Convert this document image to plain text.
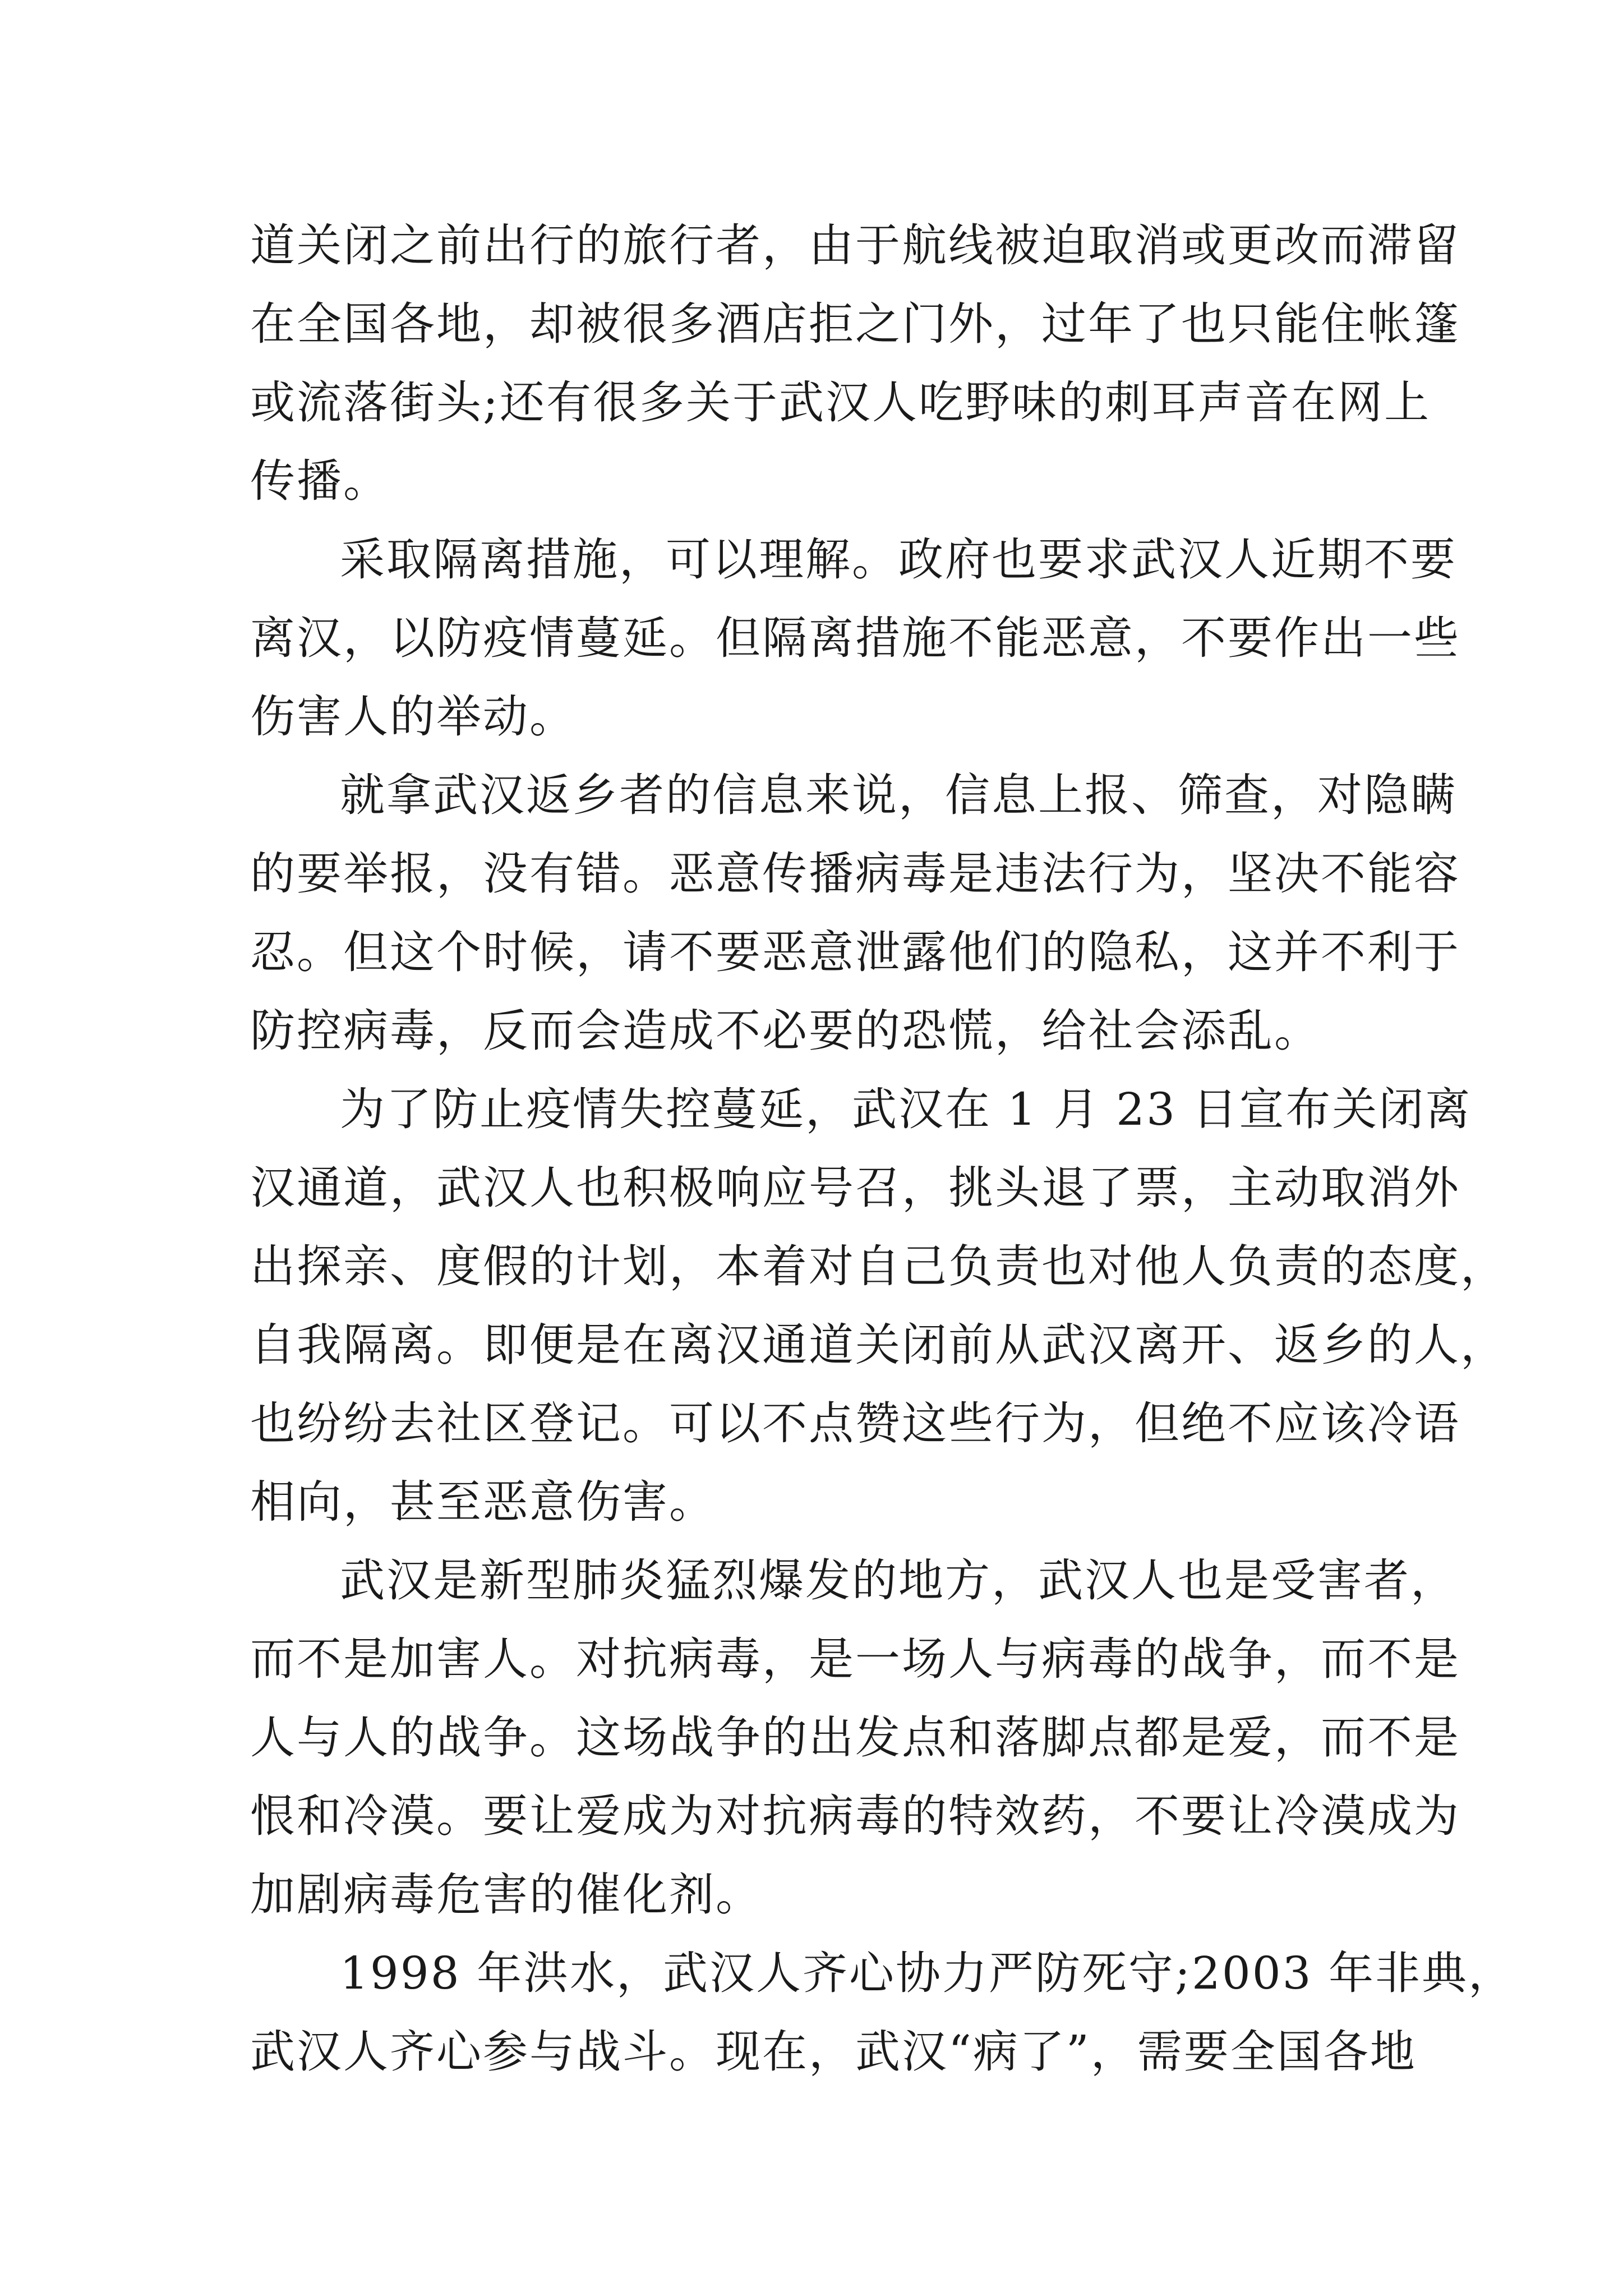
道关闭之前出行的旅行者，由于航线被迫取消或更改而滞留
在全国各地，却被很多酒店拒之门外，过年了也只能住帐篷
或流落街头;还有很多关于武汉人吃野味的刺耳声音在网上
传播。
采取隔离措施，可以理解。政府也要求武汉人近期不要
离汉，以防疫情蔓延。但隔离措施不能恶意，不要作出一些
伤害人的举动。
就拿武汉返乡者的信息来说，信息上报、筛查，对隐瞒
的要举报，没有错。恶意传播病毒是违法行为，坚决不能容
忍。但这个时候，请不要恶意泄露他们的隐私，这并不利于
防控病毒，反而会造成不必要的恐慌，给社会添乱。
为了防止疫情失控蔓延，武汉在 1 月 23 日宣布关闭离
汉通道，武汉人也积极响应号召，挑头退了票，主动取消外
出探亲、度假的计划，本着对自己负责也对他人负责的态度，
自我隔离。即便是在离汉通道关闭前从武汉离开、返乡的人，
也纷纷去社区登记。可以不点赞这些行为，但绝不应该冷语
相向，甚至恶意伤害。
武汉是新型肺炎猛烈爆发的地方，武汉人也是受害者，
而不是加害人。对抗病毒，是一场人与病毒的战争，而不是
人与人的战争。这场战争的出发点和落脚点都是爱，而不是
恨和冷漠。要让爱成为对抗病毒的特效药，不要让冷漠成为
加剧病毒危害的催化剂。
1998 年洪水，武汉人齐心协力严防死守;2003 年非典，
武汉人齐心参与战斗。现在，武汉“病了”，需要全国各地
